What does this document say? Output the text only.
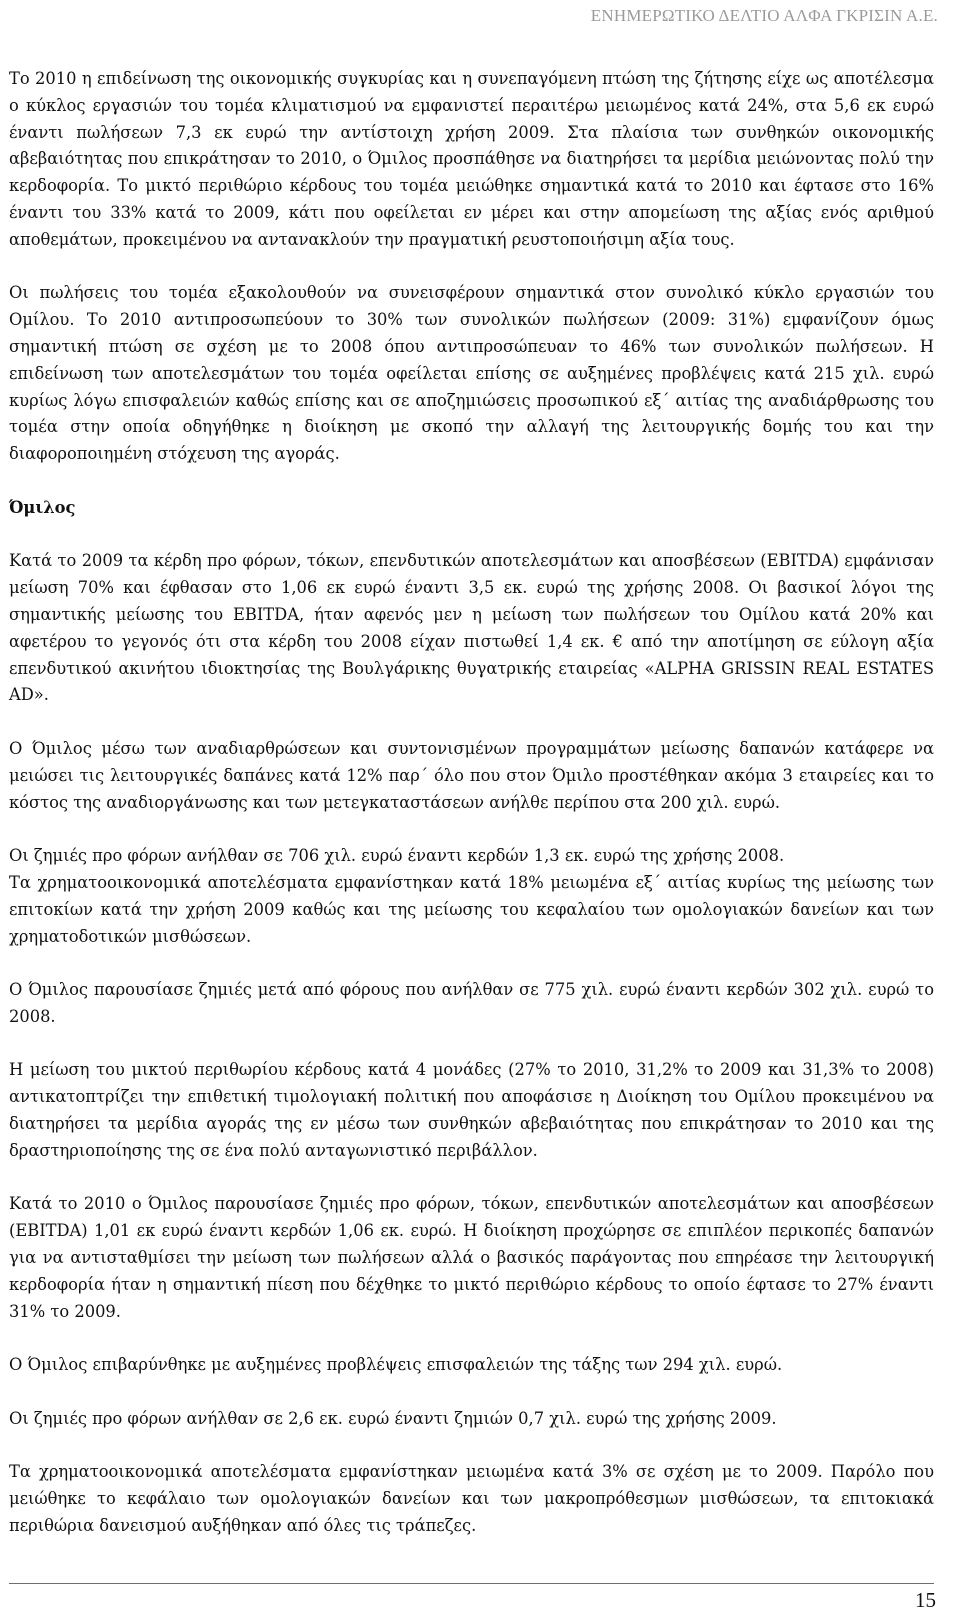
ΕΝΗΜΕΡΩΤΙΚΟ ΔΕΛΤΙΟ ΑΛΦΑ ΓΚΡΙΣΙΝ Α.Ε.

Το 2010 η επιδείνωση της οικονομικής συγκυρίας και η συνεπαγόμενη πτώση της ζήτησης είχε ως αποτέλεσμα ο κύκλος εργασιών του τομέα κλιματισμού να εμφανιστεί περαιτέρω μειωμένος κατά 24%, στα 5,6 εκ ευρώ έναντι πωλήσεων 7,3 εκ ευρώ την αντίστοιχη χρήση 2009. Στα πλαίσια των συνθηκών οικονομικής αβεβαιότητας που επικράτησαν το 2010, ο Όμιλος προσπάθησε να διατηρήσει τα μερίδια μειώνοντας πολύ την κερδοφορία. Το μικτό περιθώριο κέρδους του τομέα μειώθηκε σημαντικά κατά το 2010 και έφτασε στο 16% έναντι του 33% κατά το 2009, κάτι που οφείλεται εν μέρει και στην απομείωση της αξίας ενός αριθμού αποθεμάτων, προκειμένου να αντανακλούν την πραγματική ρευστοποιήσιμη αξία τους.

Οι πωλήσεις του τομέα εξακολουθούν να συνεισφέρουν σημαντικά στον συνολικό κύκλο εργασιών του Ομίλου. Το 2010 αντιπροσωπεύουν το 30% των συνολικών πωλήσεων (2009: 31%) εμφανίζουν όμως σημαντική πτώση σε σχέση με το 2008 όπου αντιπροσώπευαν το 46% των συνολικών πωλήσεων. Η επιδείνωση των αποτελεσμάτων του τομέα οφείλεται επίσης σε αυξημένες προβλέψεις κατά 215 χιλ. ευρώ κυρίως λόγω επισφαλειών καθώς επίσης και σε αποζημιώσεις προσωπικού εξ΄ αιτίας της αναδιάρθρωσης του τομέα στην οποία οδηγήθηκε η διοίκηση με σκοπό την αλλαγή της λειτουργικής δομής του και την διαφοροποιημένη στόχευση της αγοράς.

Όμιλος

Κατά το 2009 τα κέρδη προ φόρων, τόκων, επενδυτικών αποτελεσμάτων και αποσβέσεων (EBITDA) εμφάνισαν μείωση 70% και έφθασαν στο 1,06 εκ ευρώ έναντι 3,5 εκ. ευρώ της χρήσης 2008. Οι βασικοί λόγοι της σημαντικής μείωσης του EBITDA, ήταν αφενός μεν η μείωση των πωλήσεων του Ομίλου κατά 20% και αφετέρου το γεγονός ότι στα κέρδη του 2008 είχαν πιστωθεί 1,4 εκ. € από την αποτίμηση σε εύλογη αξία επενδυτικού ακινήτου ιδιοκτησίας της Βουλγάρικης θυγατρικής εταιρείας «ALPHA GRISSIN REAL ESTATES AD».

Ο Όμιλος μέσω των αναδιαρθρώσεων και συντονισμένων προγραμμάτων μείωσης δαπανών κατάφερε να μειώσει τις λειτουργικές δαπάνες κατά 12% παρ΄ όλο που στον Όμιλο προστέθηκαν ακόμα 3 εταιρείες και το κόστος της αναδιοργάνωσης και των μετεγκαταστάσεων ανήλθε περίπου στα 200 χιλ. ευρώ.

Οι ζημιές προ φόρων ανήλθαν σε 706 χιλ. ευρώ έναντι κερδών 1,3 εκ. ευρώ της χρήσης 2008.

Τα χρηματοοικονομικά αποτελέσματα εμφανίστηκαν κατά 18% μειωμένα εξ΄ αιτίας κυρίως της μείωσης των επιτοκίων κατά την χρήση 2009 καθώς και της μείωσης του κεφαλαίου των ομολογιακών δανείων και των χρηματοδοτικών μισθώσεων.

Ο Όμιλος παρουσίασε ζημιές μετά από φόρους που ανήλθαν σε 775 χιλ. ευρώ έναντι κερδών 302 χιλ. ευρώ το 2008.

Η μείωση του μικτού περιθωρίου κέρδους κατά 4 μονάδες (27% το 2010, 31,2% το 2009 και 31,3% το 2008) αντικατοπτρίζει την επιθετική τιμολογιακή πολιτική που αποφάσισε η Διοίκηση του Ομίλου προκειμένου να διατηρήσει τα μερίδια αγοράς της εν μέσω των συνθηκών αβεβαιότητας που επικράτησαν το 2010 και της δραστηριοποίησης της σε ένα πολύ ανταγωνιστικό περιβάλλον.

Κατά το 2010 ο Όμιλος παρουσίασε ζημιές προ φόρων, τόκων, επενδυτικών αποτελεσμάτων και αποσβέσεων (EBITDA) 1,01 εκ ευρώ έναντι κερδών 1,06 εκ. ευρώ. Η διοίκηση προχώρησε σε επιπλέον περικοπές δαπανών για να αντισταθμίσει την μείωση των πωλήσεων αλλά ο βασικός παράγοντας που επηρέασε την λειτουργική κερδοφορία ήταν η σημαντική πίεση που δέχθηκε το μικτό περιθώριο κέρδους το οποίο έφτασε το 27% έναντι 31% το 2009.

Ο Όμιλος επιβαρύνθηκε με αυξημένες προβλέψεις επισφαλειών της τάξης των 294 χιλ. ευρώ.

Οι ζημιές προ φόρων ανήλθαν σε 2,6 εκ. ευρώ έναντι ζημιών 0,7 χιλ. ευρώ της χρήσης 2009.

Τα χρηματοοικονομικά αποτελέσματα εμφανίστηκαν μειωμένα κατά 3% σε σχέση με το 2009. Παρόλο που μειώθηκε το κεφάλαιο των ομολογιακών δανείων και των μακροπρόθεσμων μισθώσεων, τα επιτοκιακά περιθώρια δανεισμού αυξήθηκαν από όλες τις τράπεζες.

15
